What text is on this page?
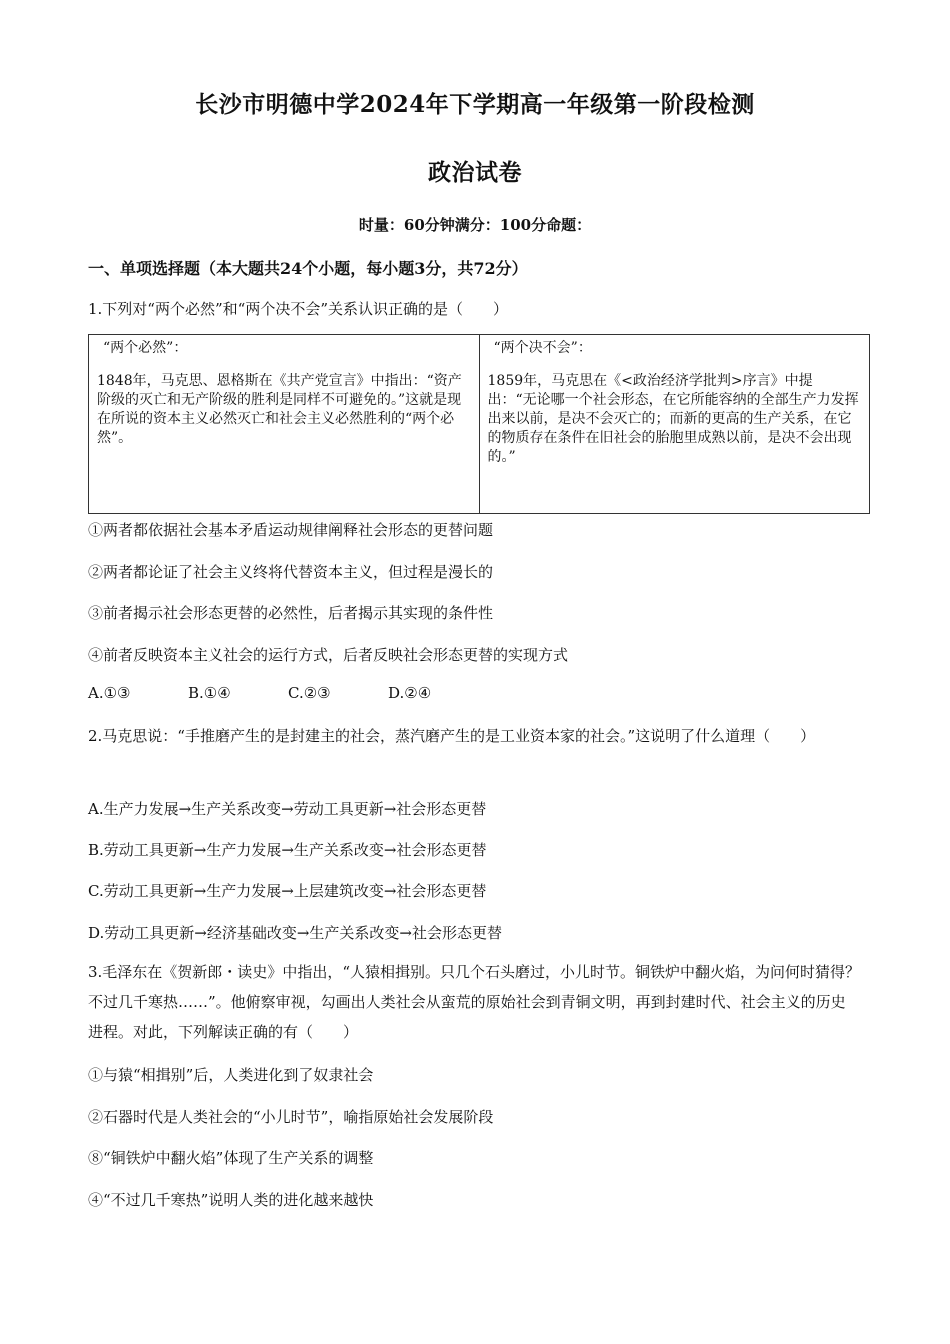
长沙市明德中学2024年下学期高一年级第一阶段检测
政治试卷
时量：60分钟满分：100分命题：
一、单项选择题（本大题共24个小题，每小题3分，共72分）
1.下列对“两个必然”和“两个决不会”关系认识正确的是（　　）
“两个必然”：
1848年，马克思、恩格斯在《共产党宣言》中指出：“资产阶级的灭亡和无产阶级的胜利是同样不可避免的。”这就是现在所说的资本主义必然灭亡和社会主义必然胜利的“两个必然”。
“两个决不会”：
1859年，马克思在《<政治经济学批判>序言》中提出：“无论哪一个社会形态，在它所能容纳的全部生产力发挥出来以前，是决不会灭亡的；而新的更高的生产关系，在它的物质存在条件在旧社会的胎胞里成熟以前，是决不会出现的。”
①两者都依据社会基本矛盾运动规律阐释社会形态的更替问题
②两者都论证了社会主义终将代替资本主义，但过程是漫长的
③前者揭示社会形态更替的必然性，后者揭示其实现的条件性
④前者反映资本主义社会的运行方式，后者反映社会形态更替的实现方式
A.①③	B.①④	C.②③	D.②④
2.马克思说：“手推磨产生的是封建主的社会，蒸汽磨产生的是工业资本家的社会。”这说明了什么道理（　　）
A.生产力发展→生产关系改变→劳动工具更新→社会形态更替
B.劳动工具更新→生产力发展→生产关系改变→社会形态更替
C.劳动工具更新→生产力发展→上层建筑改变→社会形态更替
D.劳动工具更新→经济基础改变→生产关系改变→社会形态更替
3.毛泽东在《贺新郎・读史》中指出，“人猿相揖别。只几个石头磨过，小儿时节。铜铁炉中翻火焰，为问何时猜得？不过几千寒热……”。他俯察审视，勾画出人类社会从蛮荒的原始社会到青铜文明，再到封建时代、社会主义的历史进程。对此，下列解读正确的有（　　）
①与猿“相揖别”后，人类进化到了奴隶社会
②石器时代是人类社会的“小儿时节”，喻指原始社会发展阶段
⑧“铜铁炉中翻火焰”体现了生产关系的调整
④“不过几千寒热”说明人类的进化越来越快
